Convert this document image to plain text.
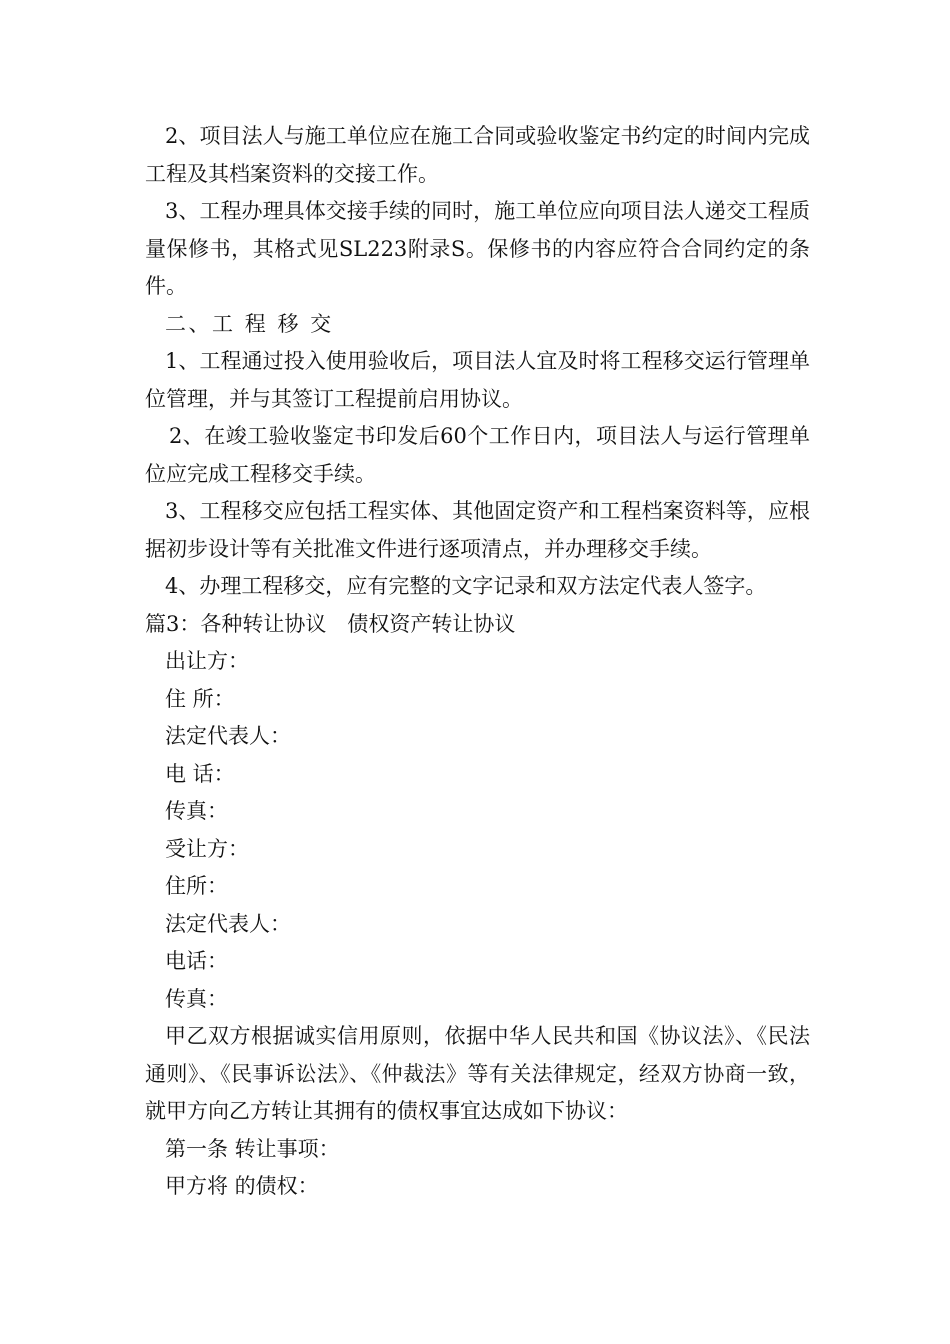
2、项目法人与施工单位应在施工合同或验收鉴定书约定的时间内完成工程及其档案资料的交接工作。

3、工程办理具体交接手续的同时，施工单位应向项目法人递交工程质量保修书，其格式见SL223附录S。保修书的内容应符合合同约定的条件。

二、工 程 移 交

1、工程通过投入使用验收后，项目法人宜及时将工程移交运行管理单位管理，并与其签订工程提前启用协议。

2、在竣工验收鉴定书印发后60个工作日内，项目法人与运行管理单位应完成工程移交手续。

3、工程移交应包括工程实体、其他固定资产和工程档案资料等，应根据初步设计等有关批准文件进行逐项清点，并办理移交手续。

4、办理工程移交，应有完整的文字记录和双方法定代表人签字。

篇3：各种转让协议　债权资产转让协议

出让方：

住 所：

法定代表人：

电 话：

传真：

受让方：

住所：

法定代表人：

电话：

传真：

甲乙双方根据诚实信用原则，依据中华人民共和国《协议法》、《民法通则》、《民事诉讼法》、《仲裁法》等有关法律规定，经双方协商一致，就甲方向乙方转让其拥有的债权事宜达成如下协议：

第一条 转让事项：

甲方将 的债权：
